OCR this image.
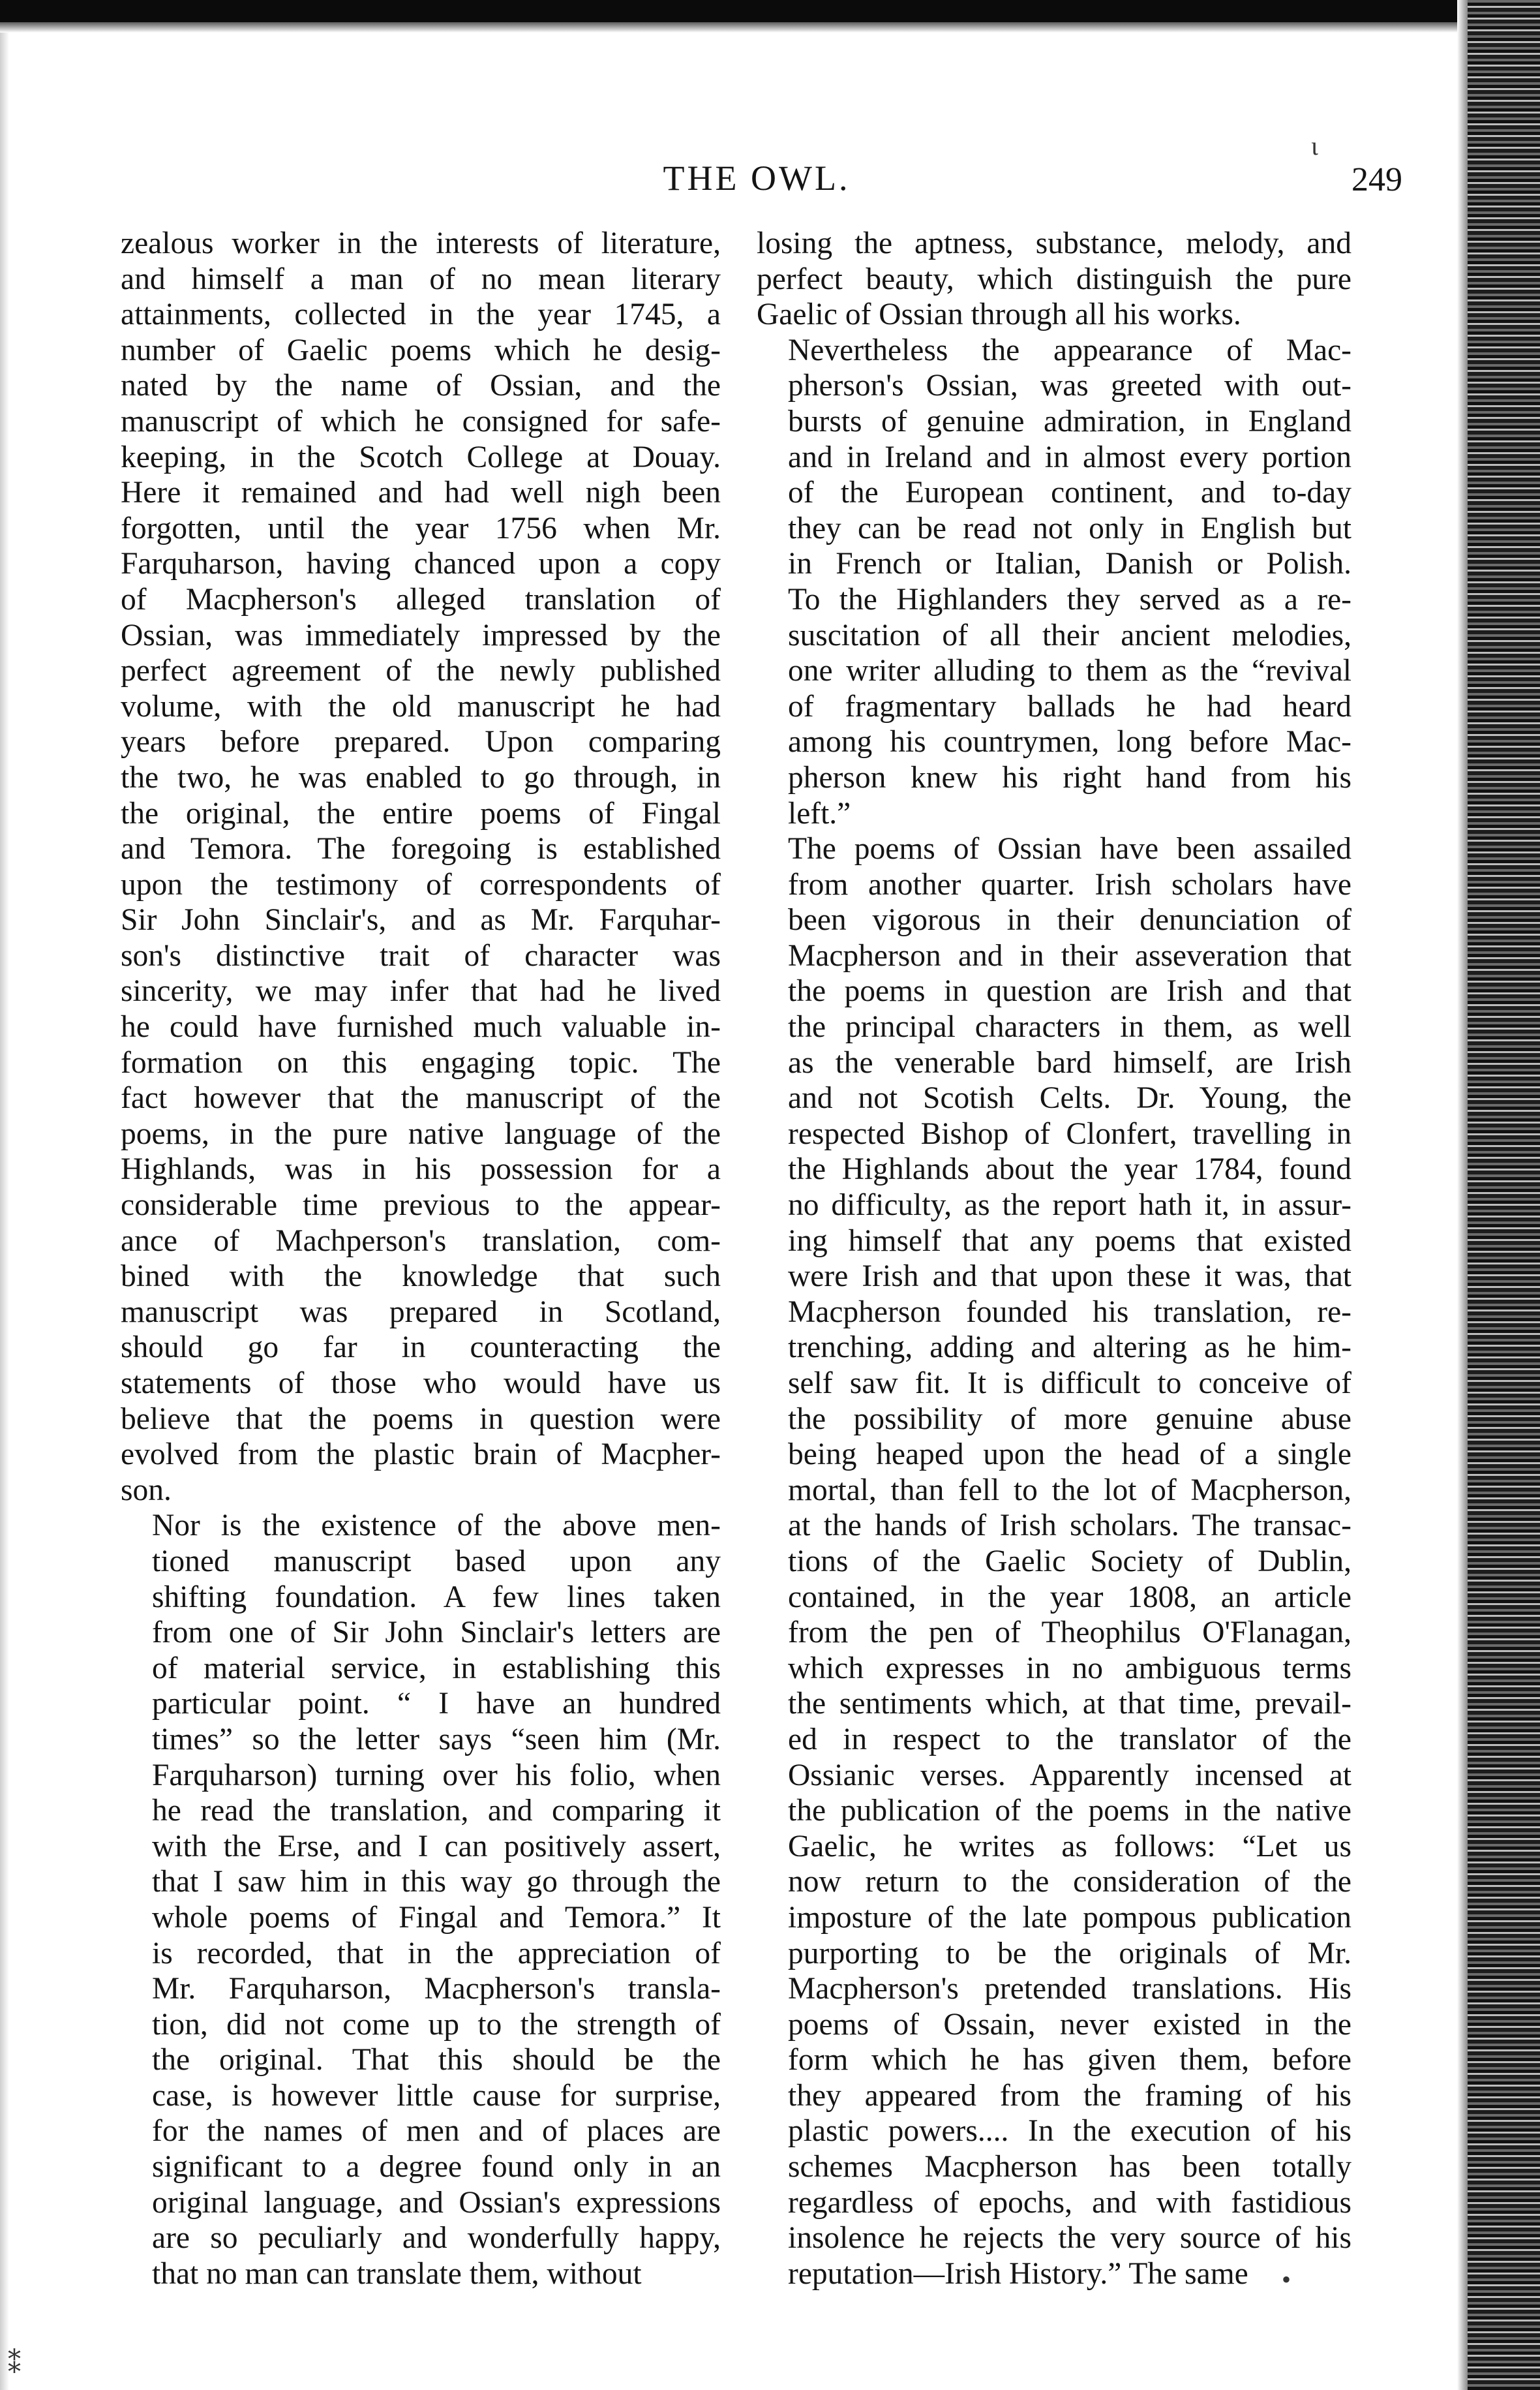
THE OWL.	249

zealous worker in the interests of literature,
and himself a man of no mean literary
attainments, collected in the year 1745, a
number of Gaelic poems which he desig-
nated by the name of Ossian, and the
manuscript of which he consigned for safe-
keeping, in the Scotch College at Douay.
Here it remained and had well nigh been
forgotten, until the year 1756 when Mr.
Farquharson, having chanced upon a copy
of Macpherson's alleged translation of
Ossian, was immediately impressed by the
perfect agreement of the newly published
volume, with the old manuscript he had
years before prepared. Upon comparing
the two, he was enabled to go through, in
the original, the entire poems of Fingal
and Temora. The foregoing is established
upon the testimony of correspondents of
Sir John Sinclair's, and as Mr. Farquhar-
son's distinctive trait of character was
sincerity, we may infer that had he lived
he could have furnished much valuable in-
formation on this engaging topic. The
fact however that the manuscript of the
poems, in the pure native language of the
Highlands, was in his possession for a
considerable time previous to the appear-
ance of Machperson's translation, com-
bined with the knowledge that such
manuscript was prepared in Scotland,
should go far in counteracting the
statements of those who would have us
believe that the poems in question were
evolved from the plastic brain of Macpher-
son.

Nor is the existence of the above men-
tioned manuscript based upon any
shifting foundation. A few lines taken
from one of Sir John Sinclair's letters are
of material service, in establishing this
particular point. “ I have an hundred
times” so the letter says “seen him (Mr.
Farquharson) turning over his folio, when
he read the translation, and comparing it
with the Erse, and I can positively assert,
that I saw him in this way go through the
whole poems of Fingal and Temora.” It
is recorded, that in the appreciation of
Mr. Farquharson, Macpherson's transla-
tion, did not come up to the strength of
the original. That this should be the
case, is however little cause for surprise,
for the names of men and of places are
significant to a degree found only in an
original language, and Ossian's expressions
are so peculiarly and wonderfully happy,
that no man can translate them, without

losing the aptness, substance, melody, and
perfect beauty, which distinguish the pure
Gaelic of Ossian through all his works.

Nevertheless the appearance of Mac-
pherson's Ossian, was greeted with out-
bursts of genuine admiration, in England
and in Ireland and in almost every portion
of the European continent, and to-day
they can be read not only in English but
in French or Italian, Danish or Polish.
To the Highlanders they served as a re-
suscitation of all their ancient melodies,
one writer alluding to them as the “revival
of fragmentary ballads he had heard
among his countrymen, long before Mac-
pherson knew his right hand from his
left.”

The poems of Ossian have been assailed
from another quarter. Irish scholars have
been vigorous in their denunciation of
Macpherson and in their asseveration that
the poems in question are Irish and that
the principal characters in them, as well
as the venerable bard himself, are Irish
and not Scotish Celts. Dr. Young, the
respected Bishop of Clonfert, travelling in
the Highlands about the year 1784, found
no difficulty, as the report hath it, in assur-
ing himself that any poems that existed
were Irish and that upon these it was, that
Macpherson founded his translation, re-
trenching, adding and altering as he him-
self saw fit. It is difficult to conceive of
the possibility of more genuine abuse
being heaped upon the head of a single
mortal, than fell to the lot of Macpherson,
at the hands of Irish scholars. The transac-
tions of the Gaelic Society of Dublin,
contained, in the year 1808, an article
from the pen of Theophilus O'Flanagan,
which expresses in no ambiguous terms
the sentiments which, at that time, prevail-
ed in respect to the translator of the
Ossianic verses. Apparently incensed at
the publication of the poems in the native
Gaelic, he writes as follows: “Let us
now return to the consideration of the
imposture of the late pompous publication
purporting to be the originals of Mr.
Macpherson's pretended translations. His
poems of Ossain, never existed in the
form which he has given them, before
they appeared from the framing of his
plastic powers.... In the execution of his
schemes Macpherson has been totally
regardless of epochs, and with fastidious
insolence he rejects the very source of his
reputation—Irish History.” The same

ι
•
⁑
